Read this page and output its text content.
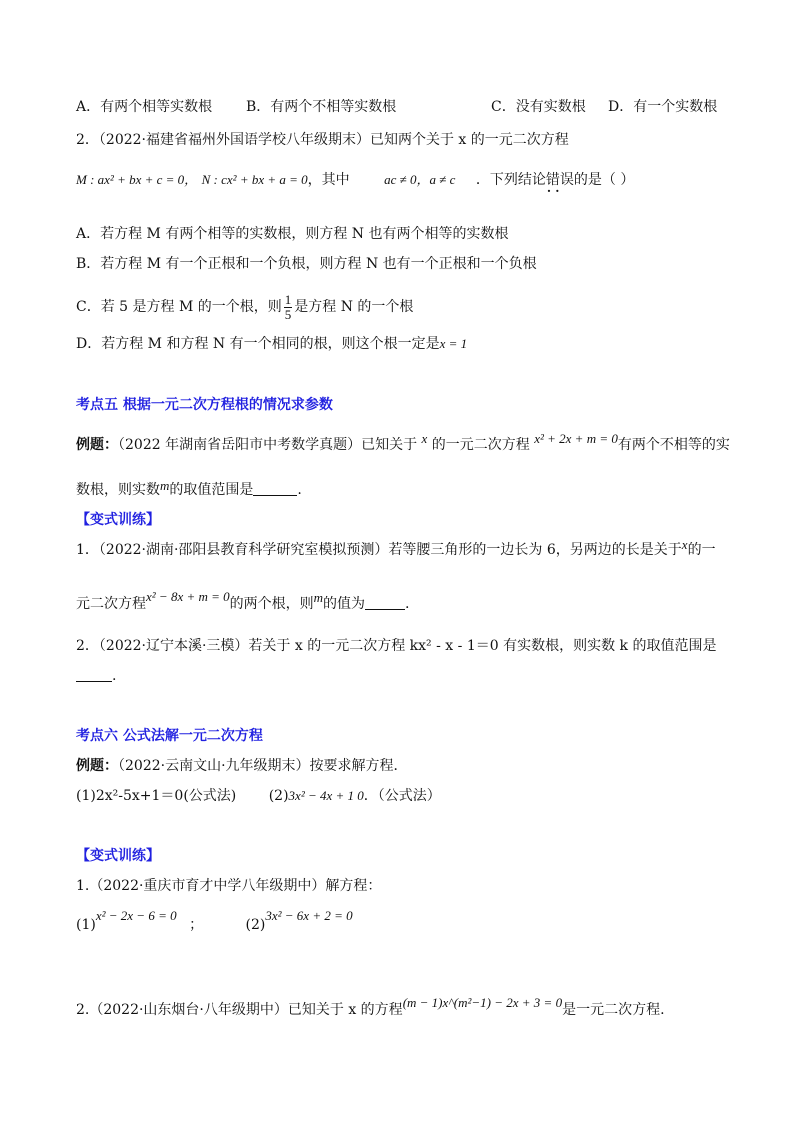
A．有两个相等实数根 B．有两个不相等实数根	C．没有实数根 D．有一个实数根
2．（2022·福建省福州外国语学校八年级期末）已知两个关于 x 的一元二次方程
M : ax² + bx + c = 0， N : cx² + bx + a = 0，其中	ac ≠ 0，a ≠ c ．下列结论错误 · ·的是（ ）
A．若方程 M 有两个相等的实数根，则方程 N 也有两个相等的实数根
B．若方程 M 有一个正根和一个负根，则方程 N 也有一个正根和一个负根
C．若 5 是方程 M 的一个根，则 $\frac{1}{5}$ 是方程 N 的一个根
D．若方程 M 和方程 N 有一个相同的根，则这个根一定是x = 1
考点五 根据一元二次方程根的情况求参数
例题：（2022 年湖南省岳阳市中考数学真题）已知关于 x 的一元二次方程 x² + 2x + m = 0有两个不相等的实
数根，则实数m的取值范围是	.
【变式训练】
1．（2022·湖南·邵阳县教育科学研究室模拟预测）若等腰三角形的一边长为 6，另两边的长是关于x的一
元二次方程x² − 8x + m = 0的两个根，则m的值为	.
2．（2022·辽宁本溪·三模）若关于 x 的一元二次方程 kx² - x - 1＝0 有实数根，则实数 k 的取值范围是
.
考点六 公式法解一元二次方程
例题：（2022·云南文山·九年级期末）按要求解方程．
(1)2x²-5x+1＝0(公式法) (2)3x² − 4x + 1 0．（公式法）
【变式训练】
1.（2022·重庆市育才中学八年级期中）解方程：
(1)x² − 2x − 6 = 0 ；	(2)3x² − 6x + 2 = 0
2.（2022·山东烟台·八年级期中）已知关于 x 的方程(m − 1)x^(m²−1) − 2x + 3 = 0是一元二次方程.
